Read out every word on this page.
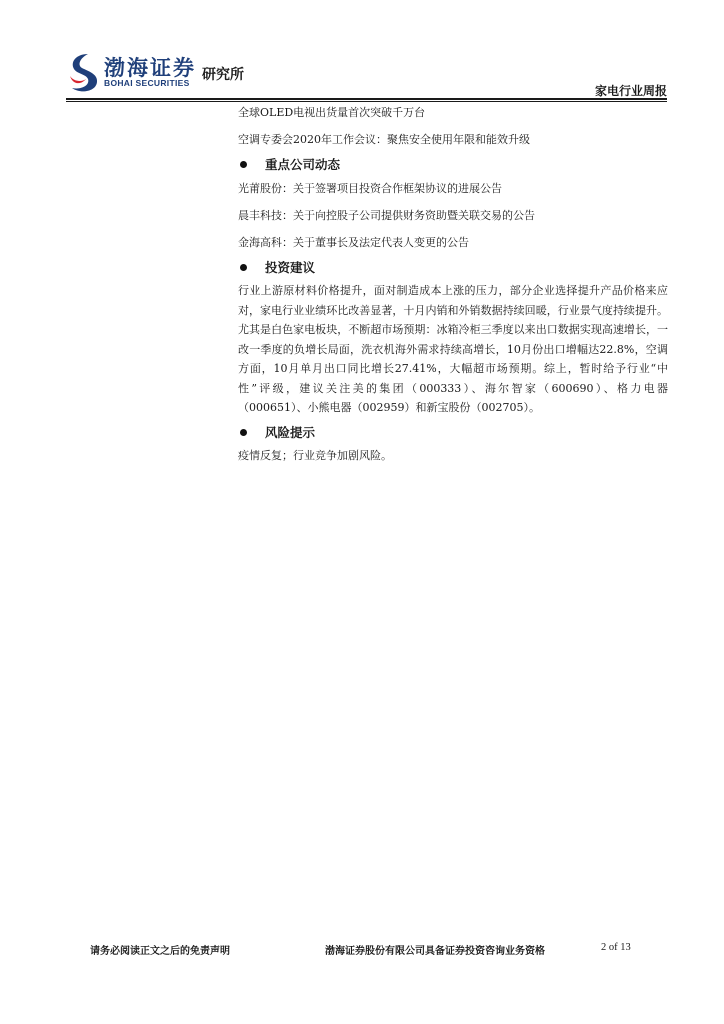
渤海证券
BOHAI SECURITIES 研究所
家电行业周报

全球OLED电视出货量首次突破千万台

空调专委会2020年工作会议：聚焦安全使用年限和能效升级

重点公司动态

光莆股份：关于签署项目投资合作框架协议的进展公告

晨丰科技：关于向控股子公司提供财务资助暨关联交易的公告

金海高科：关于董事长及法定代表人变更的公告

投资建议

行业上游原材料价格提升，面对制造成本上涨的压力，部分企业选择提升产品价格来应对，家电行业业绩环比改善显著，十月内销和外销数据持续回暖，行业景气度持续提升。尤其是白色家电板块，不断超市场预期：冰箱冷柜三季度以来出口数据实现高速增长，一改一季度的负增长局面，洗衣机海外需求持续高增长，10月份出口增幅达22.8%，空调方面，10月单月出口同比增长27.41%，大幅超市场预期。综上，暂时给予行业“中性”评级，建议关注美的集团（000333）、海尔智家（600690）、格力电器（000651）、小熊电器（002959）和新宝股份（002705）。

风险提示

疫情反复；行业竞争加剧风险。

请务必阅读正文之后的免责声明	渤海证券股份有限公司具备证券投资咨询业务资格	2 of 13
